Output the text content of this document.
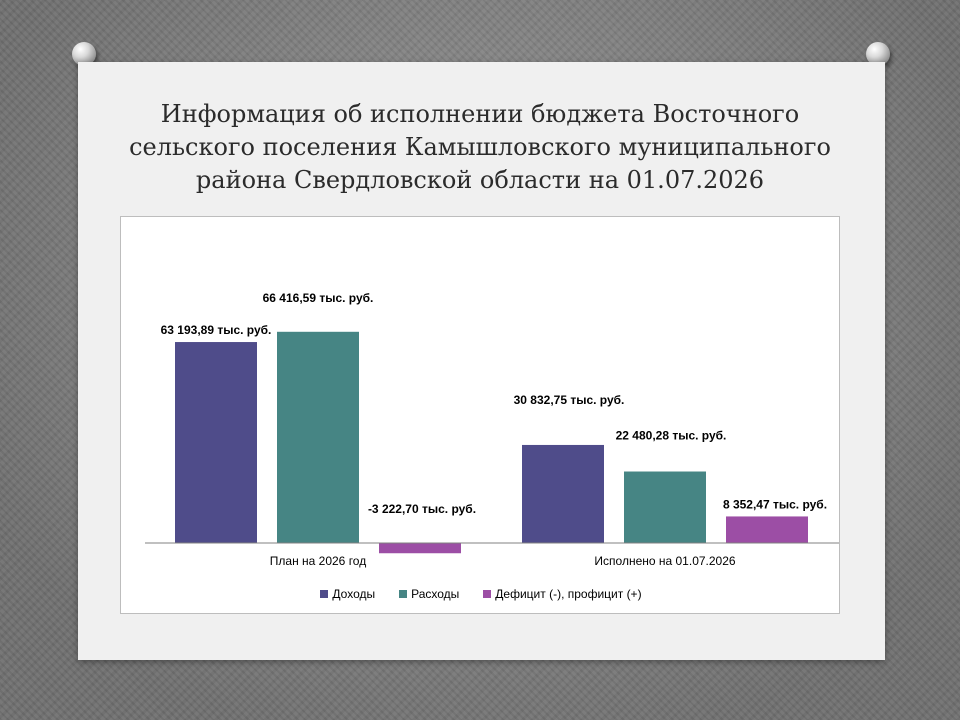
Информация об исполнении бюджета Восточного сельского поселения Камышловского муниципального района Свердловской области на 01.07.2026
63 193,89 тыс. руб.
66 416,59 тыс. руб.
-3 222,70 тыс. руб.
План на 2026 год
30 832,75 тыс. руб.
22 480,28 тыс. руб.
8 352,47 тыс. руб.
Исполнено на 01.07.2026
Доходы	Расходы	Дефицит (-), профицит (+)
